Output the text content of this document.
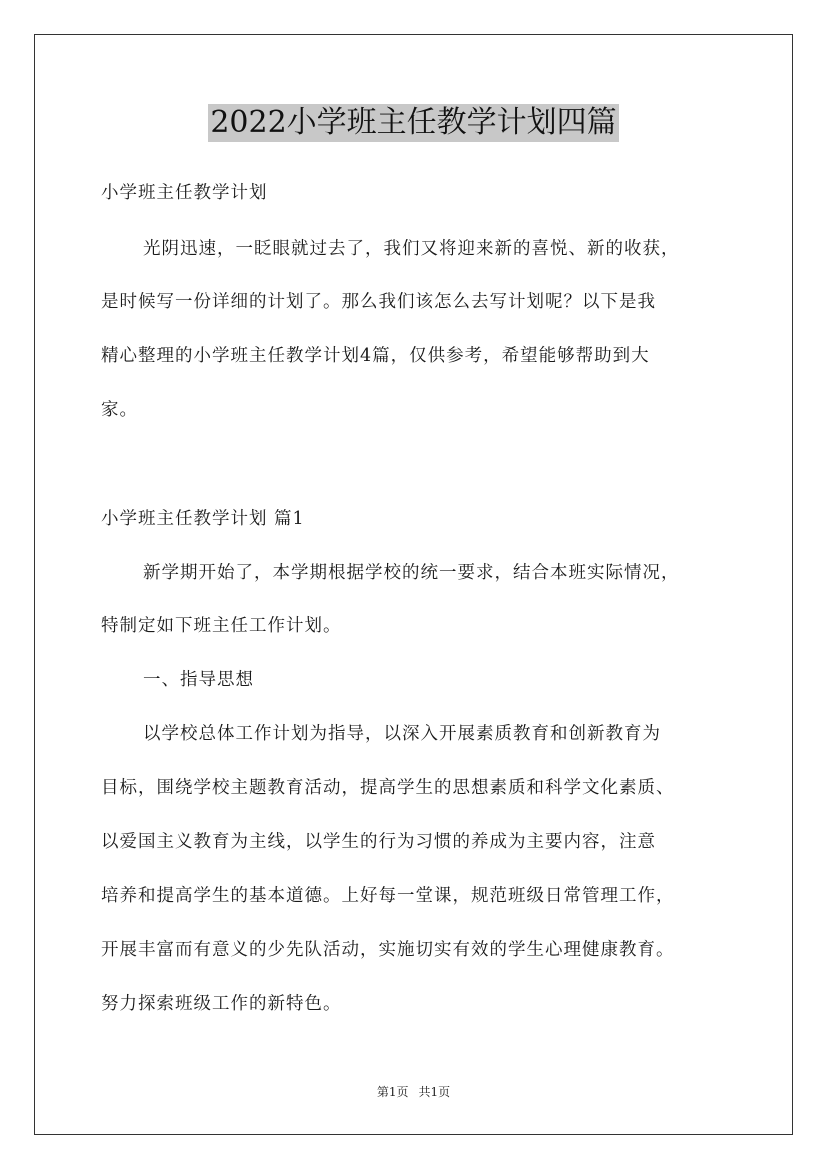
2022小学班主任教学计划四篇
小学班主任教学计划
光阴迅速，一眨眼就过去了，我们又将迎来新的喜悦、新的收获，
是时候写一份详细的计划了。那么我们该怎么去写计划呢？以下是我
精心整理的小学班主任教学计划4篇，仅供参考，希望能够帮助到大
家。
小学班主任教学计划 篇1
新学期开始了，本学期根据学校的统一要求，结合本班实际情况，
特制定如下班主任工作计划。
一、指导思想
以学校总体工作计划为指导，以深入开展素质教育和创新教育为
目标，围绕学校主题教育活动，提高学生的思想素质和科学文化素质、
以爱国主义教育为主线，以学生的行为习惯的养成为主要内容，注意
培养和提高学生的基本道德。上好每一堂课，规范班级日常管理工作，
开展丰富而有意义的少先队活动，实施切实有效的学生心理健康教育。
努力探索班级工作的新特色。
第1页 共1页
